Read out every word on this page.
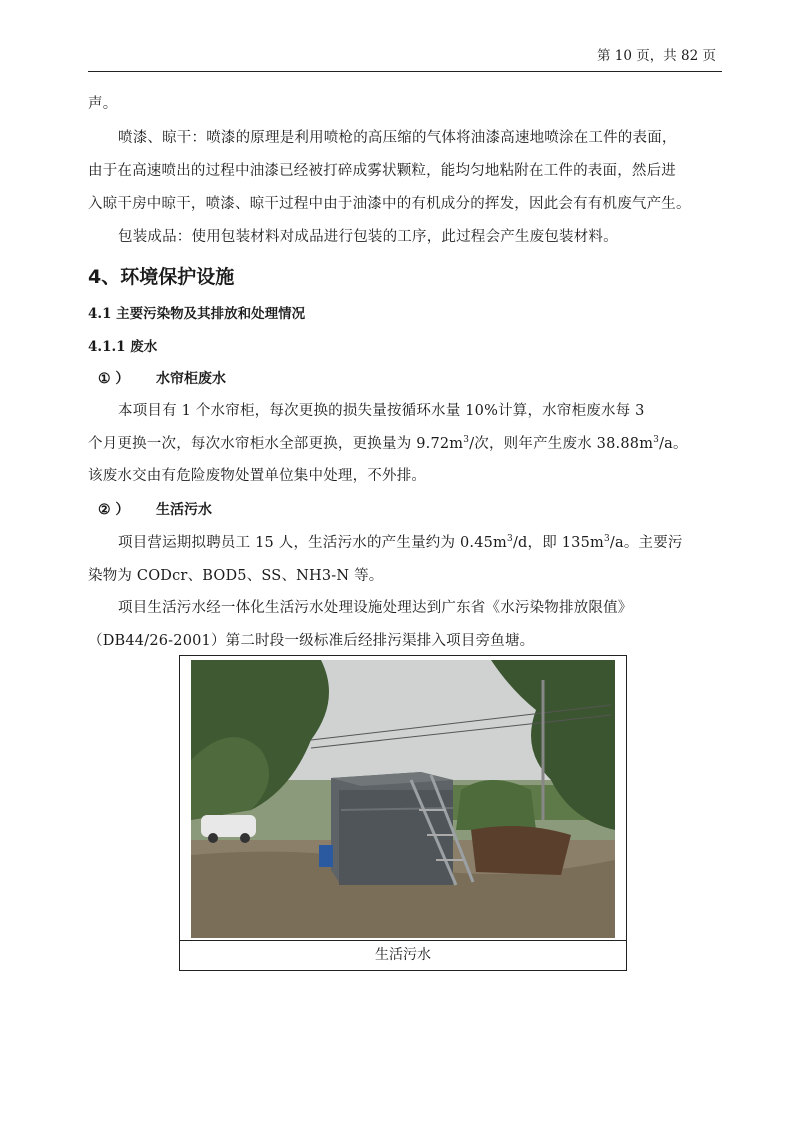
第 10 页，共 82 页
声。
喷漆、晾干：喷漆的原理是利用喷枪的高压缩的气体将油漆高速地喷涂在工件的表面，
由于在高速喷出的过程中油漆已经被打碎成雾状颗粒，能均匀地粘附在工件的表面，然后进
入晾干房中晾干，喷漆、晾干过程中由于油漆中的有机成分的挥发，因此会有有机废气产生。
包装成品：使用包装材料对成品进行包装的工序，此过程会产生废包装材料。
4、环境保护设施
4.1 主要污染物及其排放和处理情况
4.1.1 废水
① ） 水帘柜废水
本项目有 1 个水帘柜，每次更换的损失量按循环水量 10%计算，水帘柜废水每 3
个月更换一次，每次水帘柜水全部更换，更换量为 $9.72m^3/$次，则年产生废水 $38.88m^3/a$。
该废水交由有危险废物处置单位集中处理，不外排。
② ） 生活污水
项目营运期拟聘员工 15 人，生活污水的产生量约为 $0.45m^3/d$，即 $135m^3/a$。主要污
染物为 CODcr、BOD5、SS、NH3-N 等。
项目生活污水经一体化生活污水处理设施处理达到广东省《水污染物排放限值》
（DB44/26-2001）第二时段一级标准后经排污渠排入项目旁鱼塘。
生活污水
